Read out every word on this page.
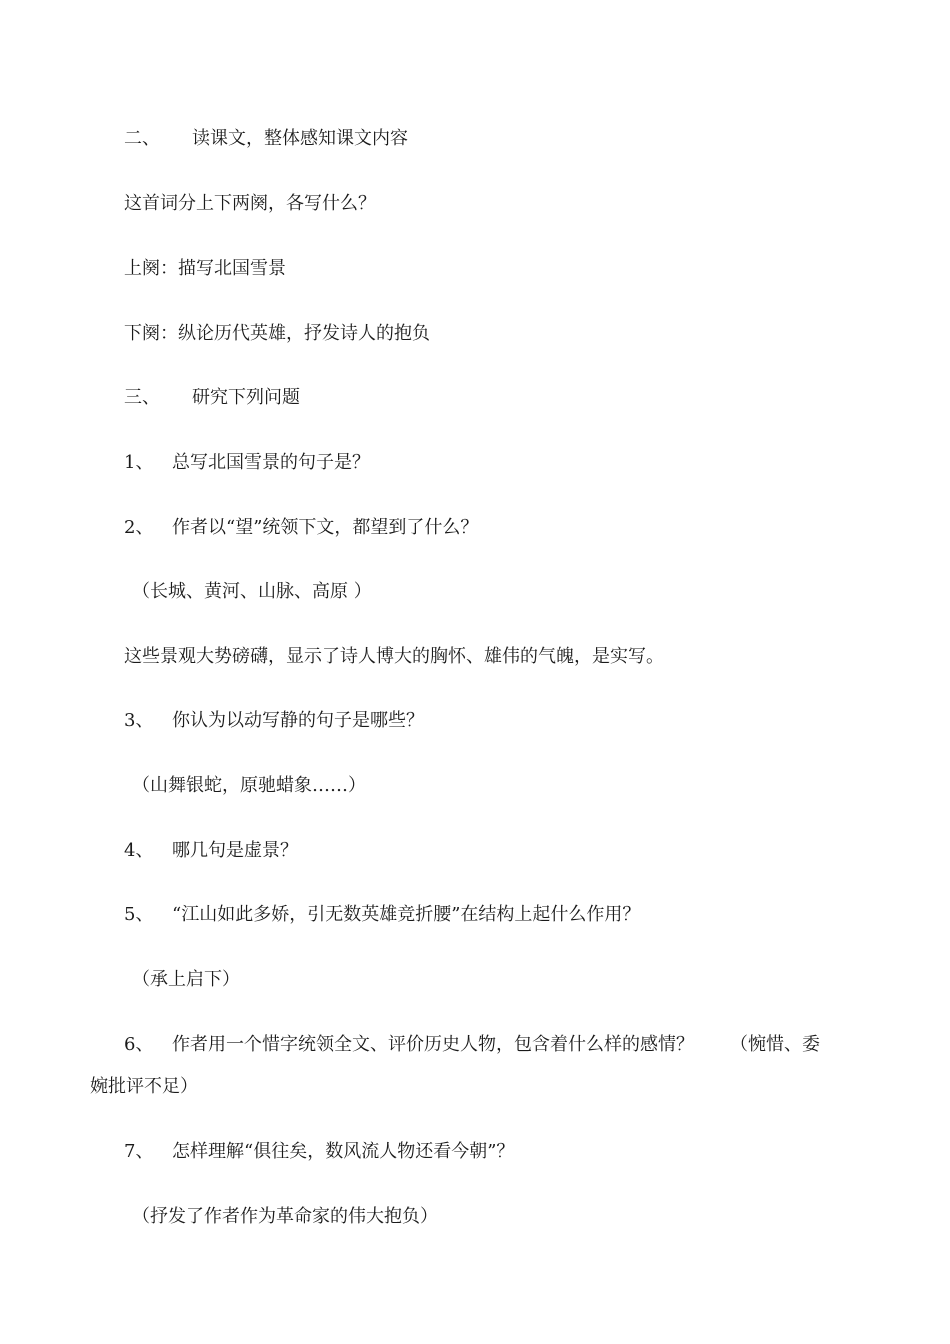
二、 读课文，整体感知课文内容
这首词分上下两阕，各写什么？
上阕：描写北国雪景
下阕：纵论历代英雄，抒发诗人的抱负
三、 研究下列问题
1、 总写北国雪景的句子是？
2、 作者以“望”统领下文，都望到了什么？
（长城、黄河、山脉、高原 ）
这些景观大势磅礴，显示了诗人博大的胸怀、雄伟的气魄，是实写。
3、 你认为以动写静的句子是哪些？
（山舞银蛇，原驰蜡象……）
4、 哪几句是虚景？
5、 “江山如此多娇，引无数英雄竞折腰”在结构上起什么作用？
（承上启下）
6、 作者用一个惜字统领全文、评价历史人物，包含着什么样的感情？ （惋惜、委
婉批评不足）
7、 怎样理解“俱往矣，数风流人物还看今朝”？
（抒发了作者作为革命家的伟大抱负）
